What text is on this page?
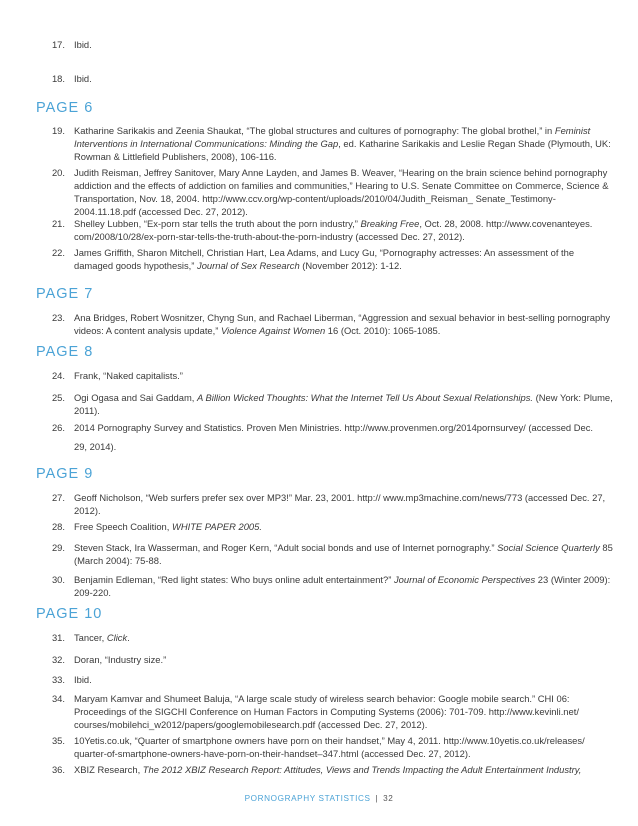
17. Ibid.
18. Ibid.
PAGE 6
19. Katharine Sarikakis and Zeenia Shaukat, “The global structures and cultures of pornography: The global brothel,” in Feminist Interventions in International Communications: Minding the Gap, ed. Katharine Sarikakis and Leslie Regan Shade (Plymouth, UK: Rowman & Littlefield Publishers, 2008), 106-116.
20. Judith Reisman, Jeffrey Sanitover, Mary Anne Layden, and James B. Weaver, “Hearing on the brain science behind pornography addiction and the effects of addiction on families and communities,” Hearing to U.S. Senate Committee on Commerce, Science & Transportation, Nov. 18, 2004. http://www.ccv.org/wp-content/uploads/2010/04/Judith_Reisman_ Senate_Testimony-2004.11.18.pdf (accessed Dec. 27, 2012).
21. Shelley Lubben, “Ex-porn star tells the truth about the porn industry,” Breaking Free, Oct. 28, 2008. http://www.covenanteyes. com/2008/10/28/ex-porn-star-tells-the-truth-about-the-porn-industry (accessed Dec. 27, 2012).
22. James Griffith, Sharon Mitchell, Christian Hart, Lea Adams, and Lucy Gu, “Pornography actresses: An assessment of the damaged goods hypothesis,” Journal of Sex Research (November 2012): 1-12.
PAGE 7
23. Ana Bridges, Robert Wosnitzer, Chyng Sun, and Rachael Liberman, “Aggression and sexual behavior in best-selling pornography videos: A content analysis update,” Violence Against Women 16 (Oct. 2010): 1065-1085.
PAGE 8
24. Frank, “Naked capitalists.”
25. Ogi Ogasa and Sai Gaddam, A Billion Wicked Thoughts: What the Internet Tell Us About Sexual Relationships. (New York: Plume, 2011).
26. 2014 Pornography Survey and Statistics. Proven Men Ministries. http://www.provenmen.org/2014pornsurvey/ (accessed Dec.
29, 2014).
PAGE 9
27. Geoff Nicholson, “Web surfers prefer sex over MP3!” Mar. 23, 2001. http:// www.mp3machine.com/news/773 (accessed Dec. 27, 2012).
28. Free Speech Coalition, WHITE PAPER 2005.
29. Steven Stack, Ira Wasserman, and Roger Kern, “Adult social bonds and use of Internet pornography.” Social Science Quarterly 85 (March 2004): 75-88.
30. Benjamin Edleman, “Red light states: Who buys online adult entertainment?” Journal of Economic Perspectives 23 (Winter 2009): 209-220.
PAGE 10
31. Tancer, Click.
32. Doran, “Industry size.”
33. Ibid.
34. Maryam Kamvar and Shumeet Baluja, “A large scale study of wireless search behavior: Google mobile search.” CHI 06: Proceedings of the SIGCHI Conference on Human Factors in Computing Systems (2006): 701-709. http://www.kevinli.net/ courses/mobilehci_w2012/papers/googlemobilesearch.pdf (accessed Dec. 27, 2012).
35. 10Yetis.co.uk, “Quarter of smartphone owners have porn on their handset,” May 4, 2011. http://www.10yetis.co.uk/releases/ quarter-of-smartphone-owners-have-porn-on-their-handset–347.html (accessed Dec. 27, 2012).
36. XBIZ Research, The 2012 XBIZ Research Report: Attitudes, Views and Trends Impacting the Adult Entertainment Industry,
PORNOGRAPHY STATISTICS | 32
